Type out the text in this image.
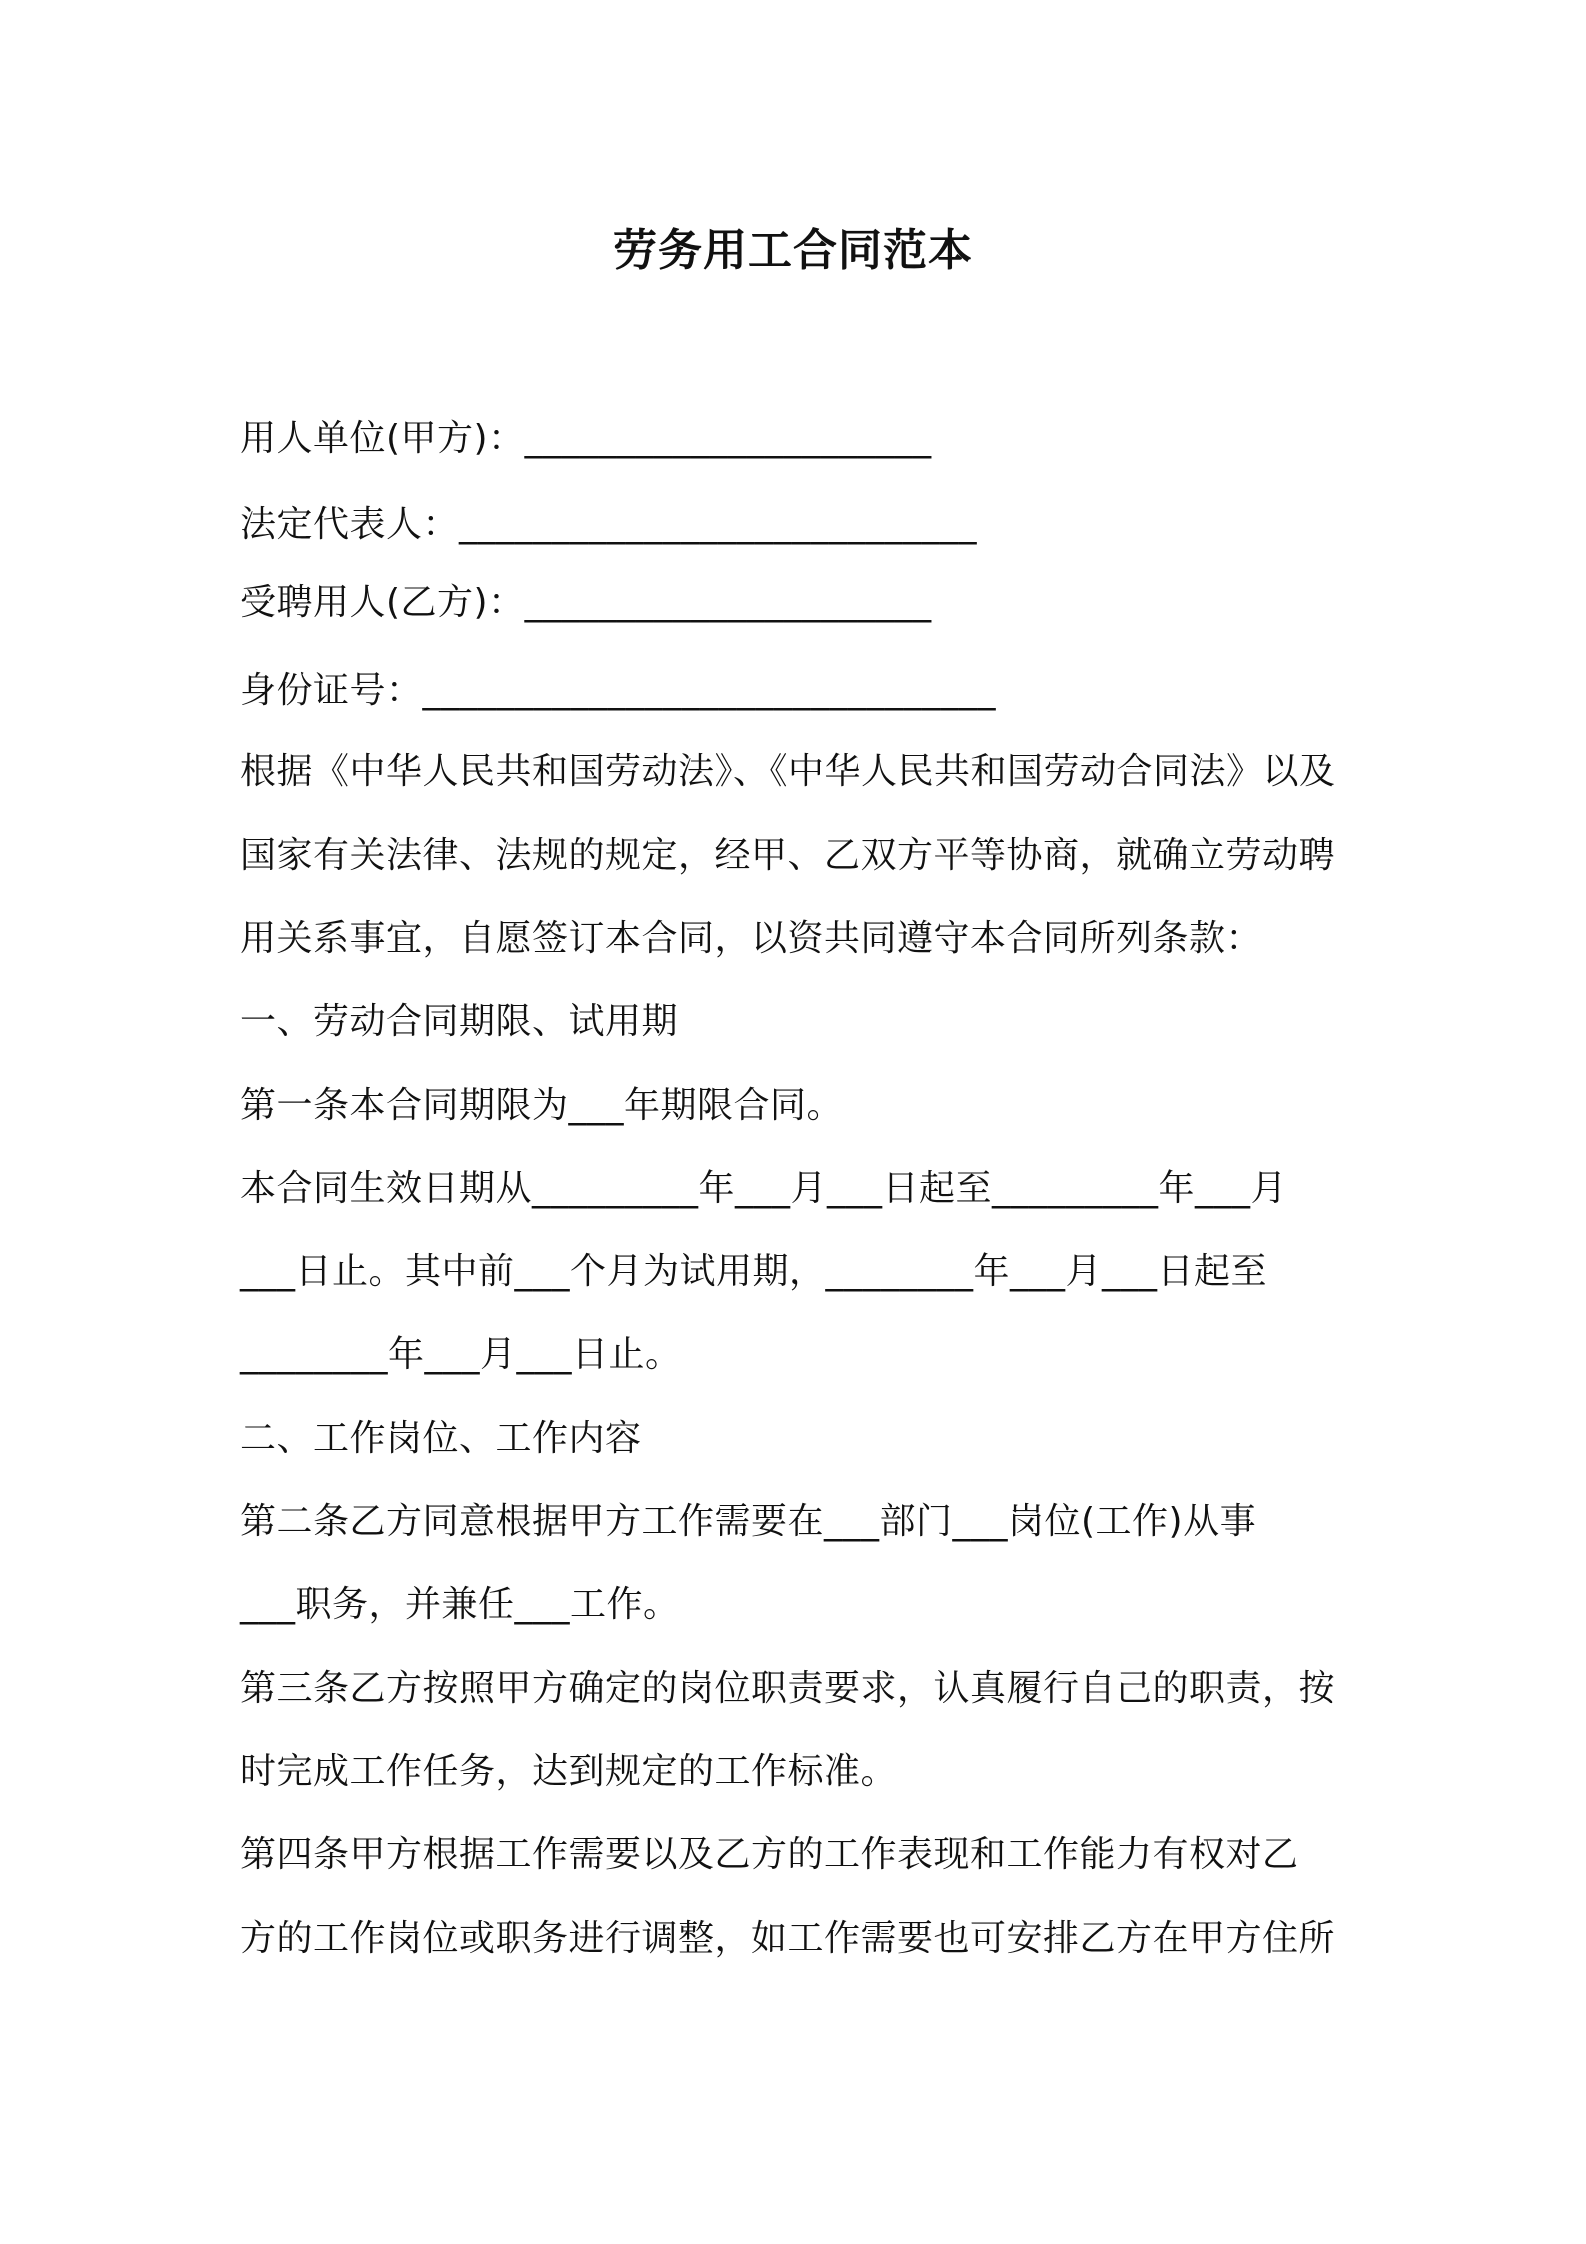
劳务用工合同范本
用人单位(甲方)：______________________
法定代表人：____________________________
受聘用人(乙方)：______________________
身份证号：_______________________________
根据《中华人民共和国劳动法》、《中华人民共和国劳动合同法》以及
国家有关法律、法规的规定，经甲、乙双方平等协商，就确立劳动聘
用关系事宜，自愿签订本合同，以资共同遵守本合同所列条款：
一、劳动合同期限、试用期
第一条本合同期限为___年期限合同。
本合同生效日期从_________年___月___日起至_________年___月
___日止。其中前___个月为试用期，________年___月___日起至
________年___月___日止。
二、工作岗位、工作内容
第二条乙方同意根据甲方工作需要在___部门___岗位(工作)从事
___职务，并兼任___工作。
第三条乙方按照甲方确定的岗位职责要求，认真履行自己的职责，按
时完成工作任务，达到规定的工作标准。
第四条甲方根据工作需要以及乙方的工作表现和工作能力有权对乙
方的工作岗位或职务进行调整，如工作需要也可安排乙方在甲方住所
